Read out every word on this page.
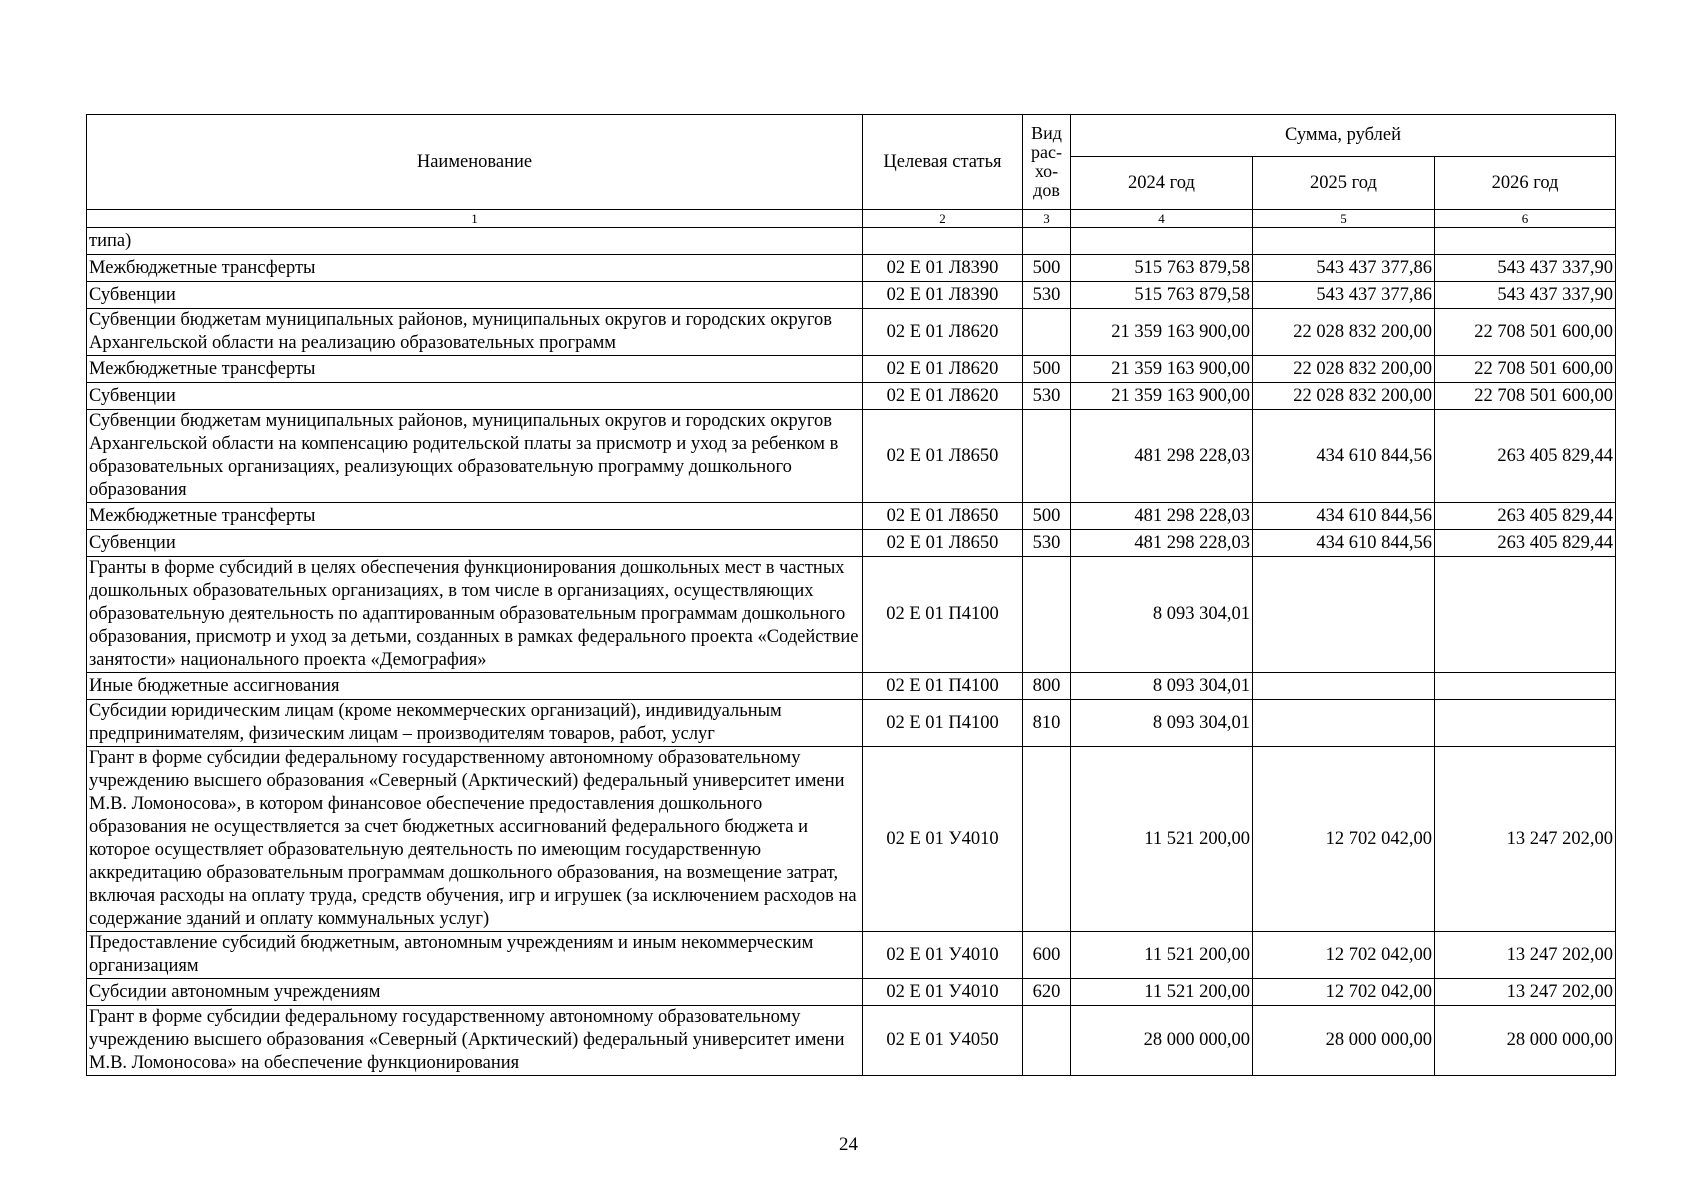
Наименование	Целевая статья	Вид рас-хо-дов	Сумма, рублей		
			2024 год	2025 год	2026 год
1	2	3	4	5	6
типа)					
Межбюджетные трансферты	02 Е 01 Л8390	500	515 763 879,58	543 437 377,86	543 437 337,90
Субвенции	02 Е 01 Л8390	530	515 763 879,58	543 437 377,86	543 437 337,90
Субвенции бюджетам муниципальных районов, муниципальных округов и городских округов Архангельской области на реализацию образовательных программ	02 Е 01 Л8620		21 359 163 900,00	22 028 832 200,00	22 708 501 600,00
Межбюджетные трансферты	02 Е 01 Л8620	500	21 359 163 900,00	22 028 832 200,00	22 708 501 600,00
Субвенции	02 Е 01 Л8620	530	21 359 163 900,00	22 028 832 200,00	22 708 501 600,00
Субвенции бюджетам муниципальных районов, муниципальных округов и городских округов Архангельской области на компенсацию родительской платы за присмотр и уход за ребенком в образовательных организациях, реализующих образовательную программу дошкольного образования	02 Е 01 Л8650		481 298 228,03	434 610 844,56	263 405 829,44
Межбюджетные трансферты	02 Е 01 Л8650	500	481 298 228,03	434 610 844,56	263 405 829,44
Субвенции	02 Е 01 Л8650	530	481 298 228,03	434 610 844,56	263 405 829,44
Гранты в форме субсидий в целях обеспечения функционирования дошкольных мест в частных дошкольных образовательных организациях, в том числе в организациях, осуществляющих образовательную деятельность по адаптированным образовательным программам дошкольного образования, присмотр и уход за детьми, созданных в рамках федерального проекта «Содействие занятости» национального проекта «Демография»	02 Е 01 П4100		8 093 304,01		
Иные бюджетные ассигнования	02 Е 01 П4100	800	8 093 304,01		
Субсидии юридическим лицам (кроме некоммерческих организаций), индивидуальным предпринимателям, физическим лицам – производителям товаров, работ, услуг	02 Е 01 П4100	810	8 093 304,01		
Грант в форме субсидии федеральному государственному автономному образовательному учреждению высшего образования «Северный (Арктический) федеральный университет имени М.В. Ломоносова», в котором финансовое обеспечение предоставления дошкольного образования не осуществляется за счет бюджетных ассигнований федерального бюджета и которое осуществляет образовательную деятельность по имеющим государственную аккредитацию образовательным программам дошкольного образования, на возмещение затрат, включая расходы на оплату труда, средств обучения, игр и игрушек (за исключением расходов на содержание зданий и оплату коммунальных услуг)	02 Е 01 У4010		11 521 200,00	12 702 042,00	13 247 202,00
Предоставление субсидий бюджетным, автономным учреждениям и иным некоммерческим организациям	02 Е 01 У4010	600	11 521 200,00	12 702 042,00	13 247 202,00
Субсидии автономным учреждениям	02 Е 01 У4010	620	11 521 200,00	12 702 042,00	13 247 202,00
Грант в форме субсидии федеральному государственному автономному образовательному учреждению высшего образования «Северный (Арктический) федеральный университет имени М.В. Ломоносова» на обеспечение функционирования	02 Е 01 У4050		28 000 000,00	28 000 000,00	28 000 000,00
24
